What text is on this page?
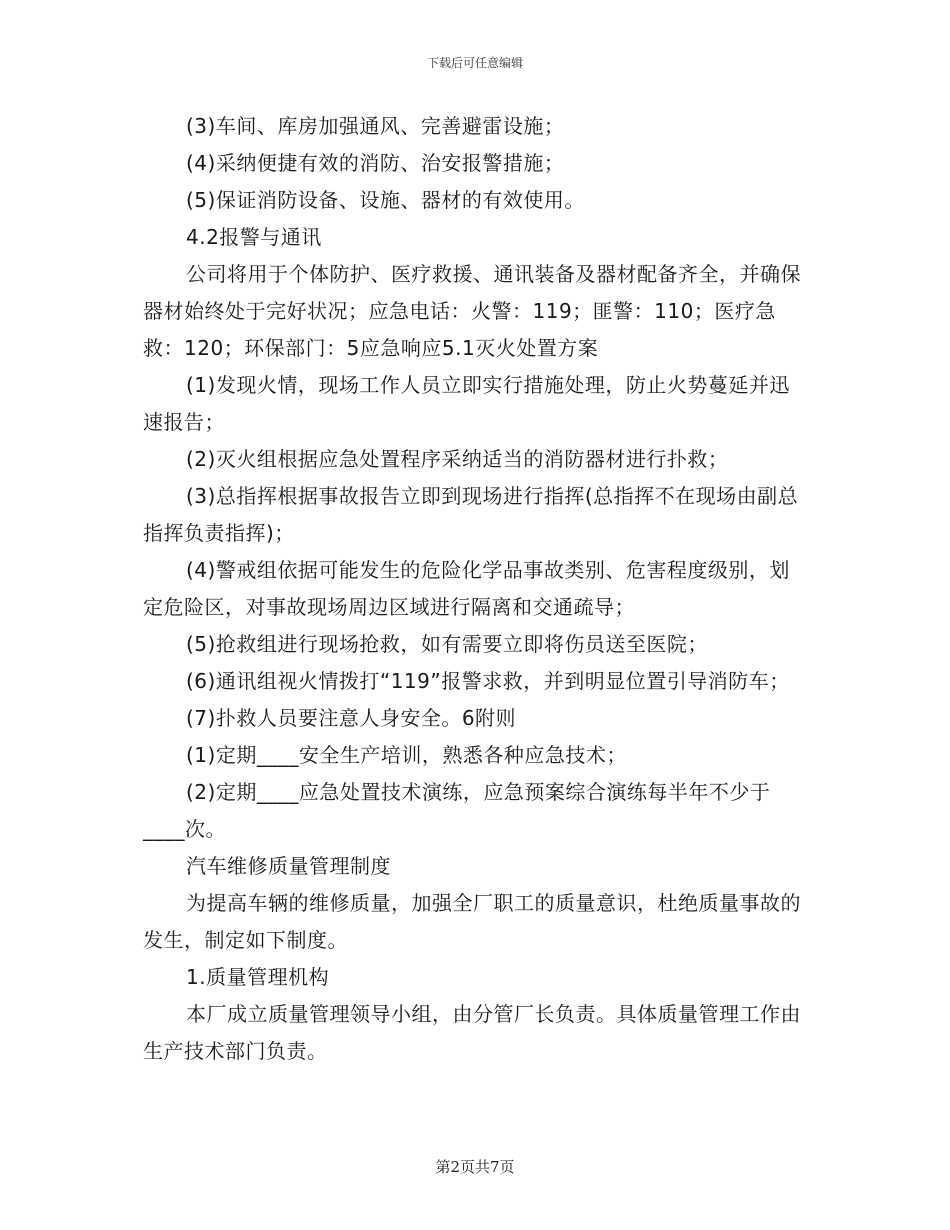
下载后可任意编辑

(3)车间、库房加强通风、完善避雷设施；

(4)采纳便捷有效的消防、治安报警措施；

(5)保证消防设备、设施、器材的有效使用。

4.2报警与通讯

公司将用于个体防护、医疗救援、通讯装备及器材配备齐全，并确保器材始终处于完好状况；应急电话：火警：119；匪警：110；医疗急救：120；环保部门：5应急响应5.1灭火处置方案

(1)发现火情，现场工作人员立即实行措施处理，防止火势蔓延并迅速报告；

(2)灭火组根据应急处置程序采纳适当的消防器材进行扑救；

(3)总指挥根据事故报告立即到现场进行指挥(总指挥不在现场由副总指挥负责指挥)；

(4)警戒组依据可能发生的危险化学品事故类别、危害程度级别，划定危险区，对事故现场周边区域进行隔离和交通疏导；

(5)抢救组进行现场抢救，如有需要立即将伤员送至医院；

(6)通讯组视火情拨打“119”报警求救，并到明显位置引导消防车；

(7)扑救人员要注意人身安全。6附则

(1)定期____安全生产培训，熟悉各种应急技术；

(2)定期____应急处置技术演练，应急预案综合演练每半年不少于____次。

汽车维修质量管理制度

为提高车辆的维修质量，加强全厂职工的质量意识，杜绝质量事故的发生，制定如下制度。

1.质量管理机构

本厂成立质量管理领导小组，由分管厂长负责。具体质量管理工作由生产技术部门负责。

第2页共7页
